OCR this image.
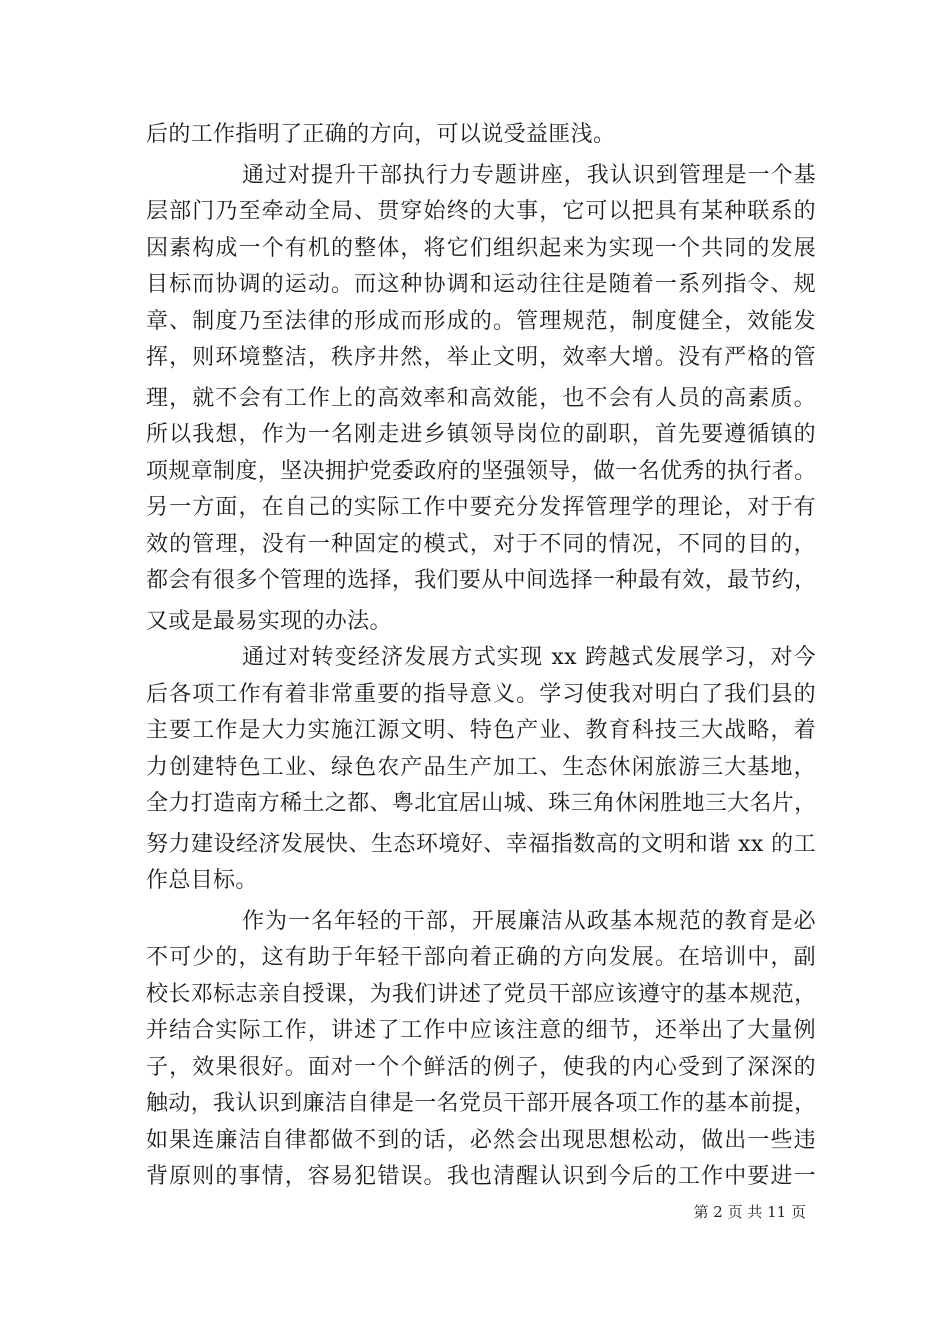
后的工作指明了正确的方向，可以说受益匪浅。
通过对提升干部执行力专题讲座，我认识到管理是一个基
层部门乃至牵动全局、贯穿始终的大事，它可以把具有某种联系的
因素构成一个有机的整体，将它们组织起来为实现一个共同的发展
目标而协调的运动。而这种协调和运动往往是随着一系列指令、规
章、制度乃至法律的形成而形成的。管理规范，制度健全，效能发
挥，则环境整洁，秩序井然，举止文明，效率大增。没有严格的管
理，就不会有工作上的高效率和高效能，也不会有人员的高素质。
所以我想，作为一名刚走进乡镇领导岗位的副职，首先要遵循镇的
项规章制度，坚决拥护党委政府的坚强领导，做一名优秀的执行者。
另一方面，在自己的实际工作中要充分发挥管理学的理论，对于有
效的管理，没有一种固定的模式，对于不同的情况，不同的目的，
都会有很多个管理的选择，我们要从中间选择一种最有效，最节约，
又或是最易实现的办法。
通过对转变经济发展方式实现 xx 跨越式发展学习，对今
后各项工作有着非常重要的指导意义。学习使我对明白了我们县的
主要工作是大力实施江源文明、特色产业、教育科技三大战略，着
力创建特色工业、绿色农产品生产加工、生态休闲旅游三大基地，
全力打造南方稀土之都、粤北宜居山城、珠三角休闲胜地三大名片，
努力建设经济发展快、生态环境好、幸福指数高的文明和谐 xx 的工
作总目标。
作为一名年轻的干部，开展廉洁从政基本规范的教育是必
不可少的，这有助于年轻干部向着正确的方向发展。在培训中，副
校长邓标志亲自授课，为我们讲述了党员干部应该遵守的基本规范，
并结合实际工作，讲述了工作中应该注意的细节，还举出了大量例
子，效果很好。面对一个个鲜活的例子，使我的内心受到了深深的
触动，我认识到廉洁自律是一名党员干部开展各项工作的基本前提，
如果连廉洁自律都做不到的话，必然会出现思想松动，做出一些违
背原则的事情，容易犯错误。我也清醒认识到今后的工作中要进一
第 2 页 共 11 页
